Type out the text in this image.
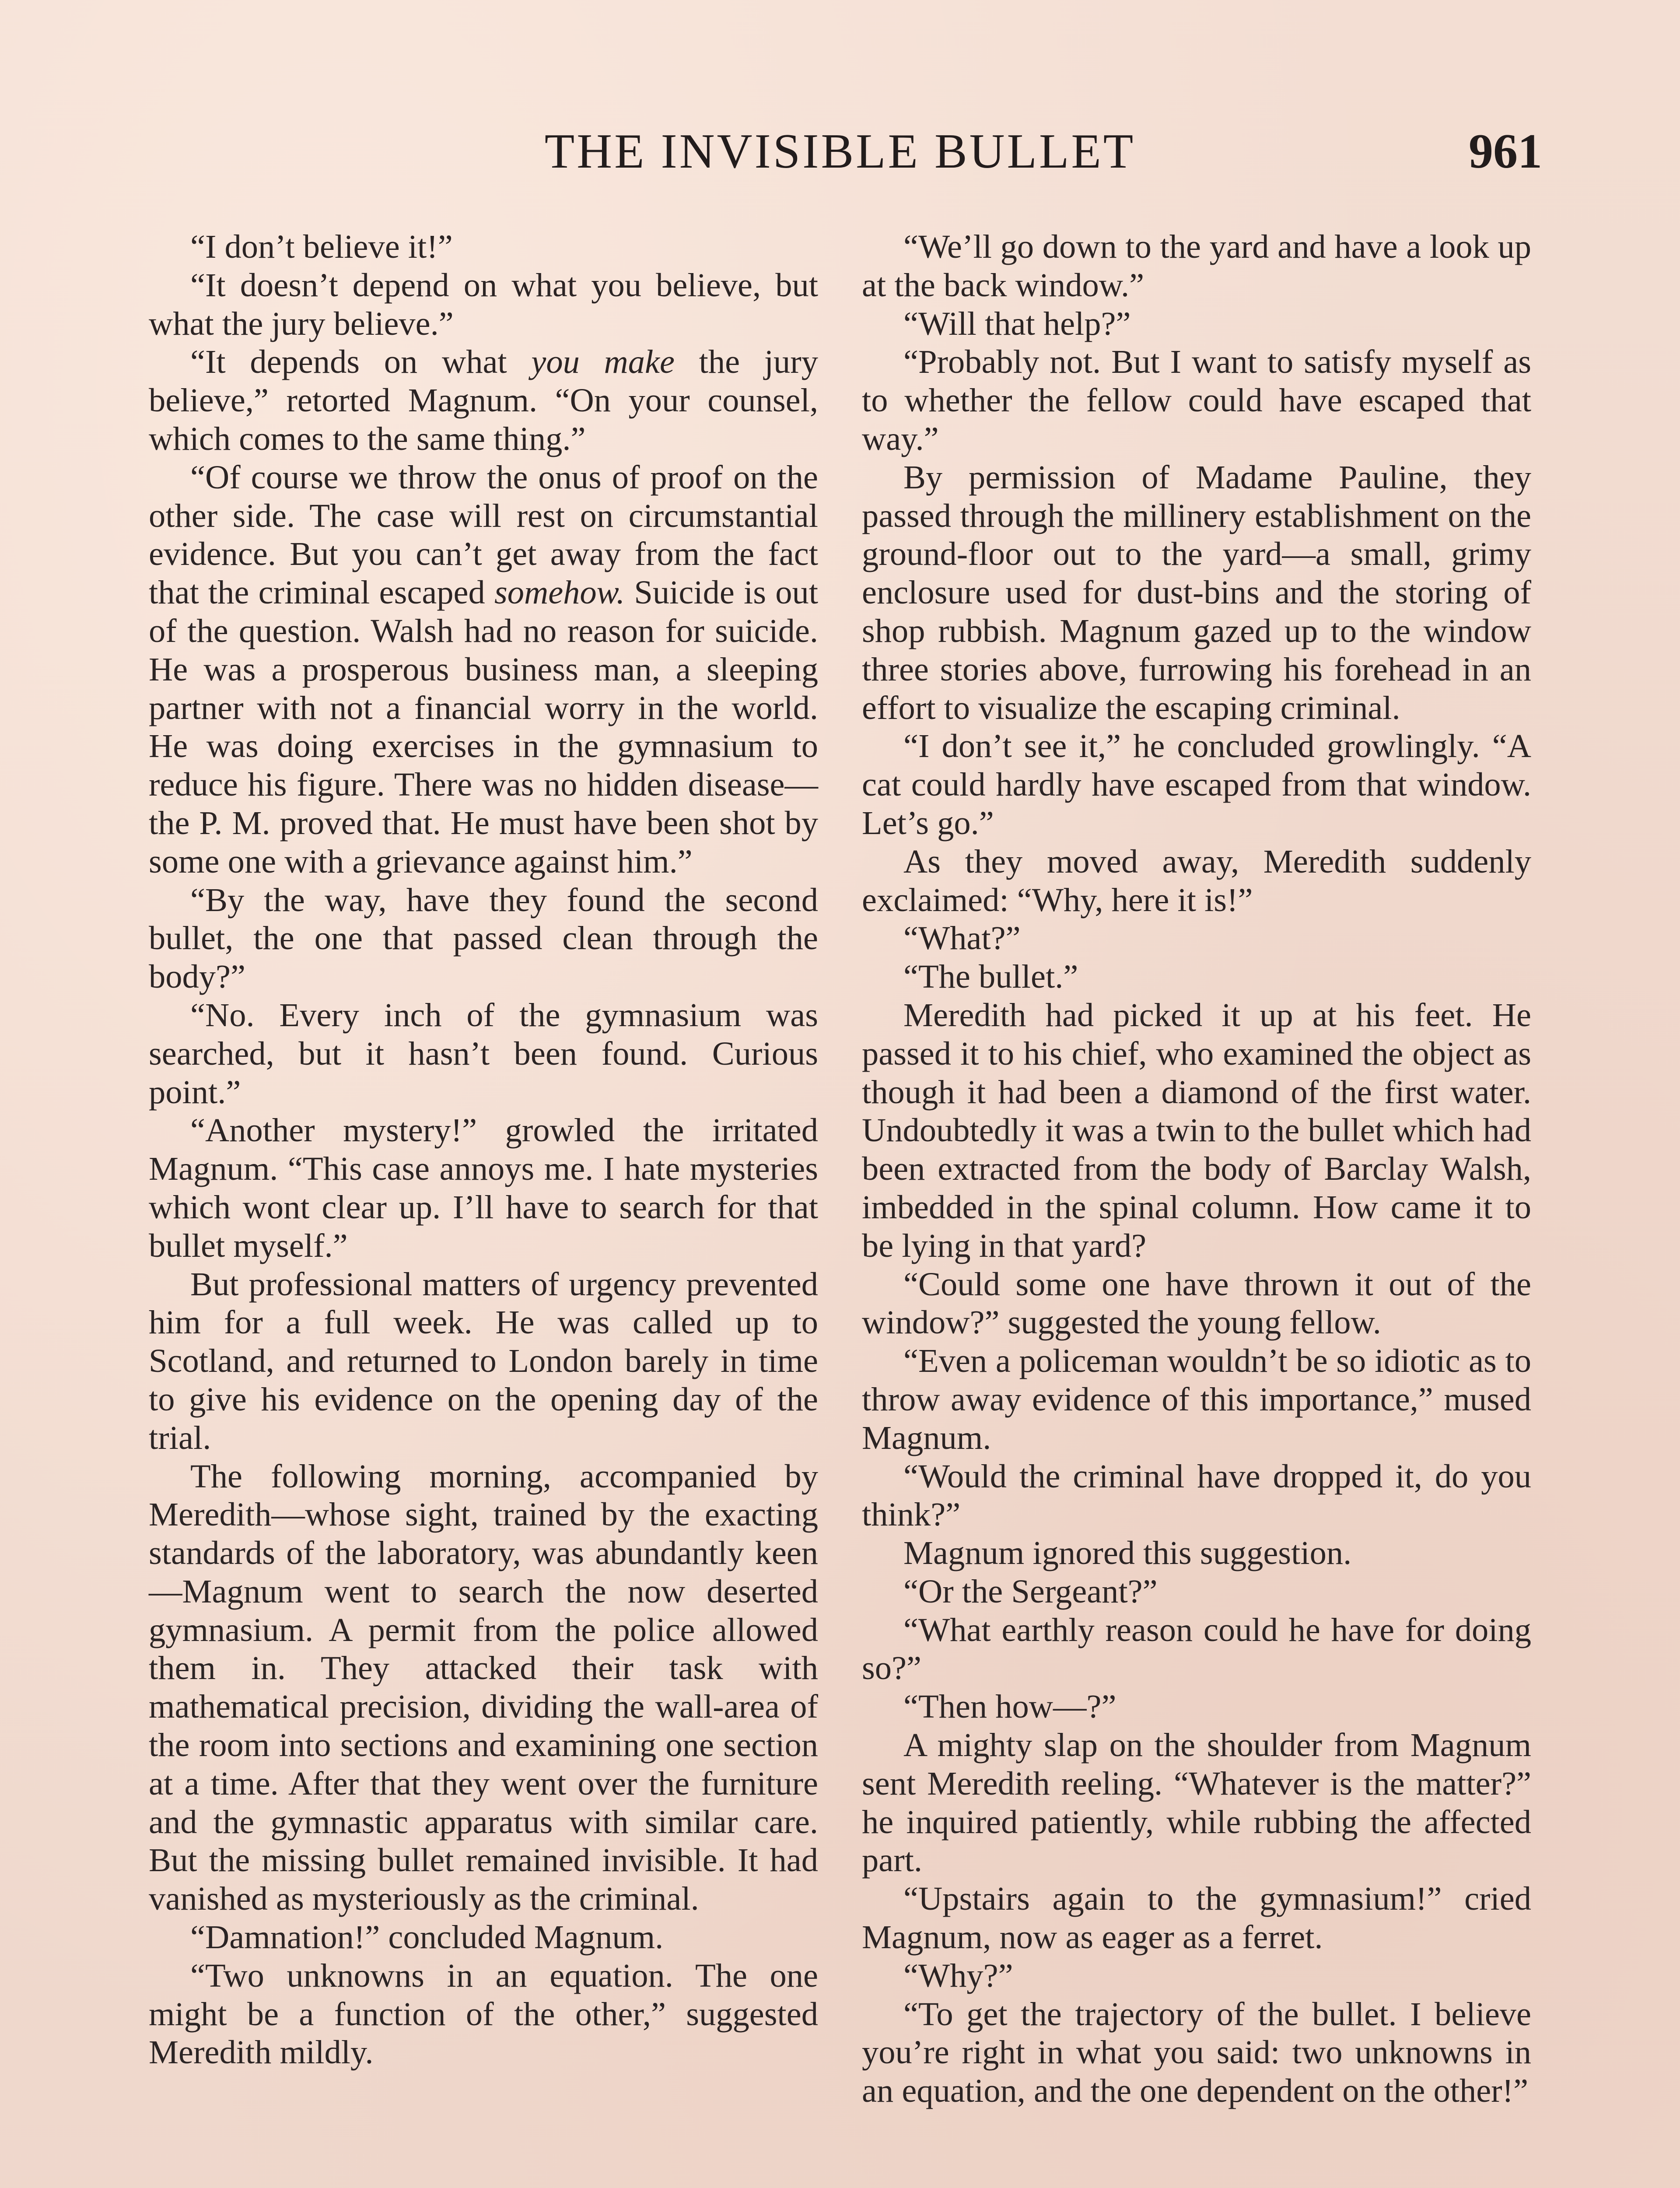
THE INVISIBLE BULLET	961

“I don’t believe it!”

“It doesn’t depend on what you believe, but what the jury believe.”

“It depends on what you make the jury believe,” retorted Magnum. “On your counsel, which comes to the same thing.”

“Of course we throw the onus of proof on the other side. The case will rest on circumstantial evidence. But you can’t get away from the fact that the criminal escaped somehow. Suicide is out of the question. Walsh had no reason for suicide. He was a prosperous business man, a sleeping partner with not a financial worry in the world. He was doing exercises in the gymnasium to reduce his figure. There was no hidden disease—the P. M. proved that. He must have been shot by some one with a grievance against him.”

“By the way, have they found the second bullet, the one that passed clean through the body?”

“No. Every inch of the gymnasium was searched, but it hasn’t been found. Curious point.”

“Another mystery!” growled the irritated Magnum. “This case annoys me. I hate mysteries which wont clear up. I’ll have to search for that bullet myself.”

But professional matters of urgency prevented him for a full week. He was called up to Scotland, and returned to London barely in time to give his evidence on the opening day of the trial.

The following morning, accompanied by Meredith—whose sight, trained by the exacting standards of the laboratory, was abundantly keen—Magnum went to search the now deserted gymnasium. A permit from the police allowed them in. They attacked their task with mathematical precision, dividing the wall-area of the room into sections and examining one section at a time. After that they went over the furniture and the gymnastic apparatus with similar care. But the missing bullet remained invisible. It had vanished as mysteriously as the criminal.

“Damnation!” concluded Magnum.

“Two unknowns in an equation. The one might be a function of the other,” suggested Meredith mildly.

“We’ll go down to the yard and have a look up at the back window.”

“Will that help?”

“Probably not. But I want to satisfy myself as to whether the fellow could have escaped that way.”

By permission of Madame Pauline, they passed through the millinery establishment on the ground-floor out to the yard—a small, grimy enclosure used for dust-bins and the storing of shop rubbish. Magnum gazed up to the window three stories above, furrowing his forehead in an effort to visualize the escaping criminal.

“I don’t see it,” he concluded growlingly. “A cat could hardly have escaped from that window. Let’s go.”

As they moved away, Meredith suddenly exclaimed: “Why, here it is!”

“What?”

“The bullet.”

Meredith had picked it up at his feet. He passed it to his chief, who examined the object as though it had been a diamond of the first water. Undoubtedly it was a twin to the bullet which had been extracted from the body of Barclay Walsh, imbedded in the spinal column. How came it to be lying in that yard?

“Could some one have thrown it out of the window?” suggested the young fellow.

“Even a policeman wouldn’t be so idiotic as to throw away evidence of this importance,” mused Magnum.

“Would the criminal have dropped it, do you think?”

Magnum ignored this suggestion.

“Or the Sergeant?”

“What earthly reason could he have for doing so?”

“Then how—?”

A mighty slap on the shoulder from Magnum sent Meredith reeling. “Whatever is the matter?” he inquired patiently, while rubbing the affected part.

“Upstairs again to the gymnasium!” cried Magnum, now as eager as a ferret.

“Why?”

“To get the trajectory of the bullet. I believe you’re right in what you said: two unknowns in an equation, and the one dependent on the other!”
